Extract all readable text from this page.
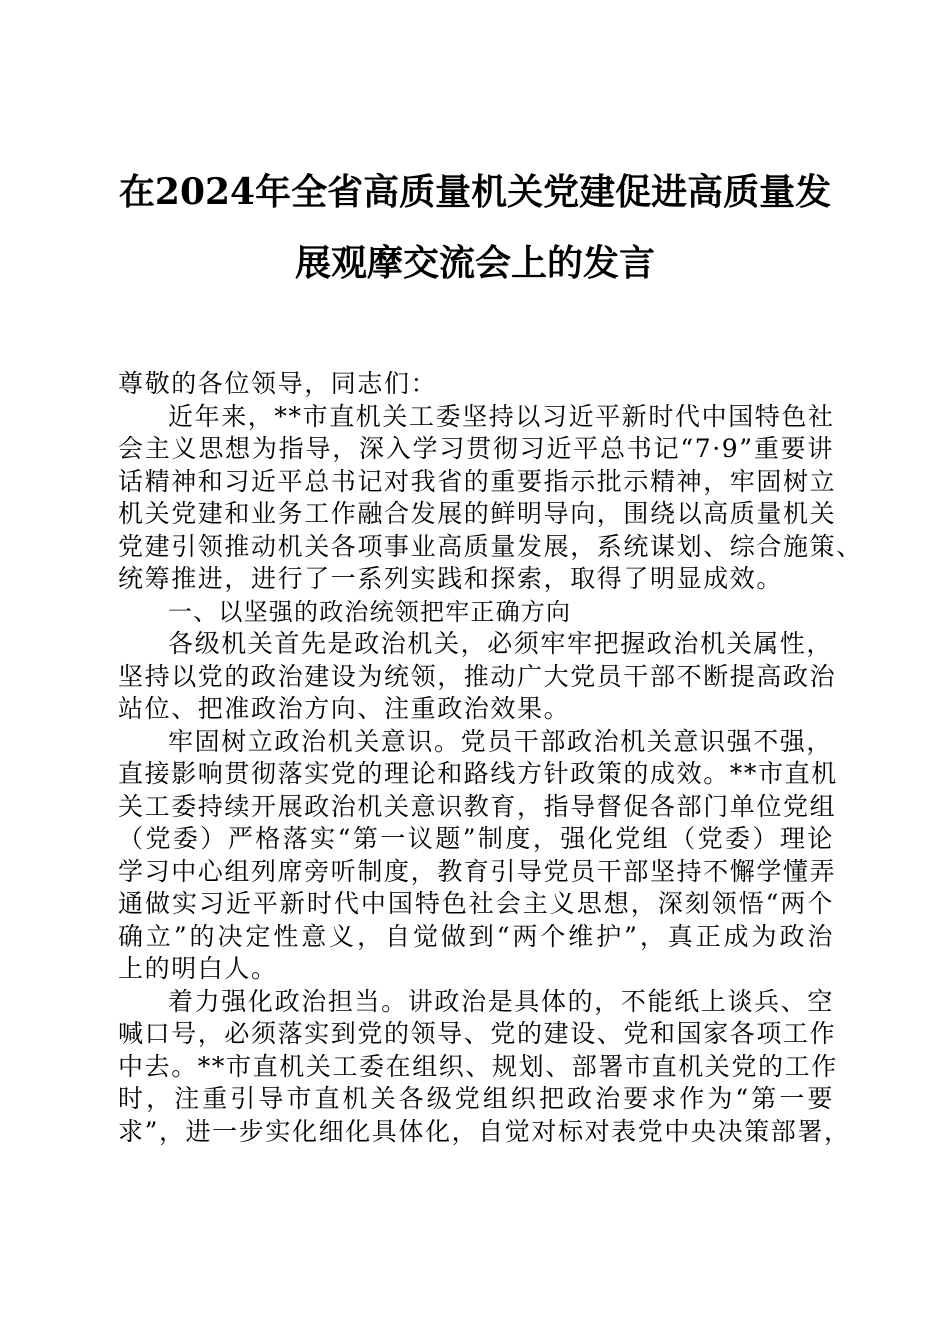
在2024年全省高质量机关党建促进高质量发
展观摩交流会上的发言
尊敬的各位领导，同志们：
近年来，**市直机关工委坚持以习近平新时代中国特色社
会主义思想为指导，深入学习贯彻习近平总书记“7·9”重要讲
话精神和习近平总书记对我省的重要指示批示精神，牢固树立
机关党建和业务工作融合发展的鲜明导向，围绕以高质量机关
党建引领推动机关各项事业高质量发展，系统谋划、综合施策、
统筹推进，进行了一系列实践和探索，取得了明显成效。
一、以坚强的政治统领把牢正确方向
各级机关首先是政治机关，必须牢牢把握政治机关属性，
坚持以党的政治建设为统领，推动广大党员干部不断提高政治
站位、把准政治方向、注重政治效果。
牢固树立政治机关意识。党员干部政治机关意识强不强，
直接影响贯彻落实党的理论和路线方针政策的成效。**市直机
关工委持续开展政治机关意识教育，指导督促各部门单位党组
（党委）严格落实“第一议题”制度，强化党组（党委）理论
学习中心组列席旁听制度，教育引导党员干部坚持不懈学懂弄
通做实习近平新时代中国特色社会主义思想，深刻领悟“两个
确立”的决定性意义，自觉做到“两个维护”，真正成为政治
上的明白人。
着力强化政治担当。讲政治是具体的，不能纸上谈兵、空
喊口号，必须落实到党的领导、党的建设、党和国家各项工作
中去。**市直机关工委在组织、规划、部署市直机关党的工作
时，注重引导市直机关各级党组织把政治要求作为“第一要
求”，进一步实化细化具体化，自觉对标对表党中央决策部署，
